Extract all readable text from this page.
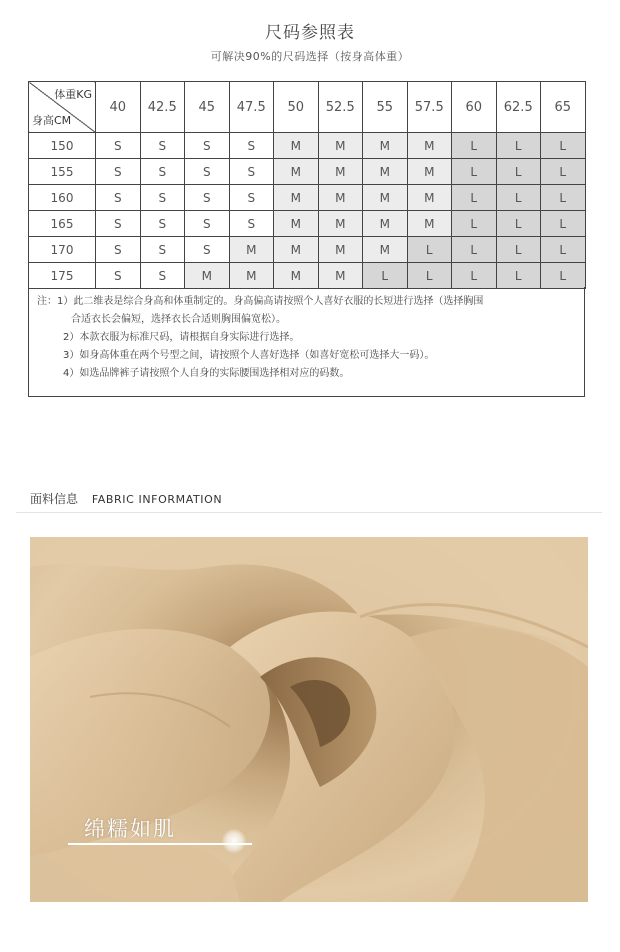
尺码参照表
可解决90%的尺码选择（按身高体重）
体重KG
身高CM	40	42.5	45	47.5	50	52.5	55	57.5	60	62.5	65
150	S	S	S	S	M	M	M	M	L	L	L
155	S	S	S	S	M	M	M	M	L	L	L
160	S	S	S	S	M	M	M	M	L	L	L
165	S	S	S	S	M	M	M	M	L	L	L
170	S	S	S	M	M	M	M	L	L	L	L
175	S	S	M	M	M	M	L	L	L	L	L
注：1）此二维表是综合身高和体重制定的。身高偏高请按照个人喜好衣服的长短进行选择（选择胸围
合适衣长会偏短，选择衣长合适则胸围偏宽松）。
2）本款衣服为标准尺码，请根据自身实际进行选择。
3）如身高体重在两个号型之间，请按照个人喜好选择（如喜好宽松可选择大一码）。
4）如选品牌裤子请按照个人自身的实际腰围选择相对应的码数。
面料信息 FABRIC INFORMATION
绵糯如肌
